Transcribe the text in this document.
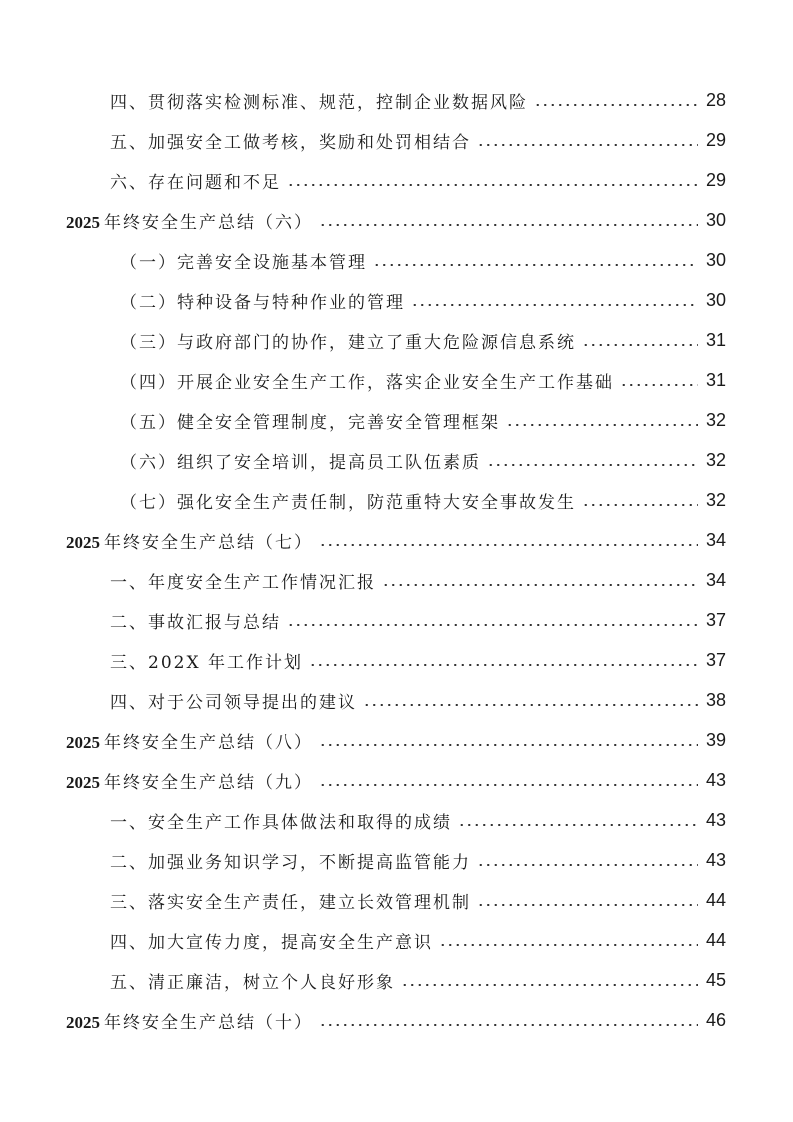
四、贯彻落实检测标准、规范，控制企业数据风险	28
五、加强安全工做考核，奖励和处罚相结合	29
六、存在问题和不足	29
2025 年终安全生产总结（六）	30
（一）完善安全设施基本管理	30
（二）特种设备与特种作业的管理	30
（三）与政府部门的协作，建立了重大危险源信息系统	31
（四）开展企业安全生产工作，落实企业安全生产工作基础	31
（五）健全安全管理制度，完善安全管理框架	32
（六）组织了安全培训，提高员工队伍素质	32
（七）强化安全生产责任制，防范重特大安全事故发生	32
2025 年终安全生产总结（七）	34
一、年度安全生产工作情况汇报	34
二、事故汇报与总结	37
三、202X 年工作计划	37
四、对于公司领导提出的建议	38
2025 年终安全生产总结（八）	39
2025 年终安全生产总结（九）	43
一、安全生产工作具体做法和取得的成绩	43
二、加强业务知识学习，不断提高监管能力	43
三、落实安全生产责任，建立长效管理机制	44
四、加大宣传力度，提高安全生产意识	44
五、清正廉洁，树立个人良好形象	45
2025 年终安全生产总结（十）	46
